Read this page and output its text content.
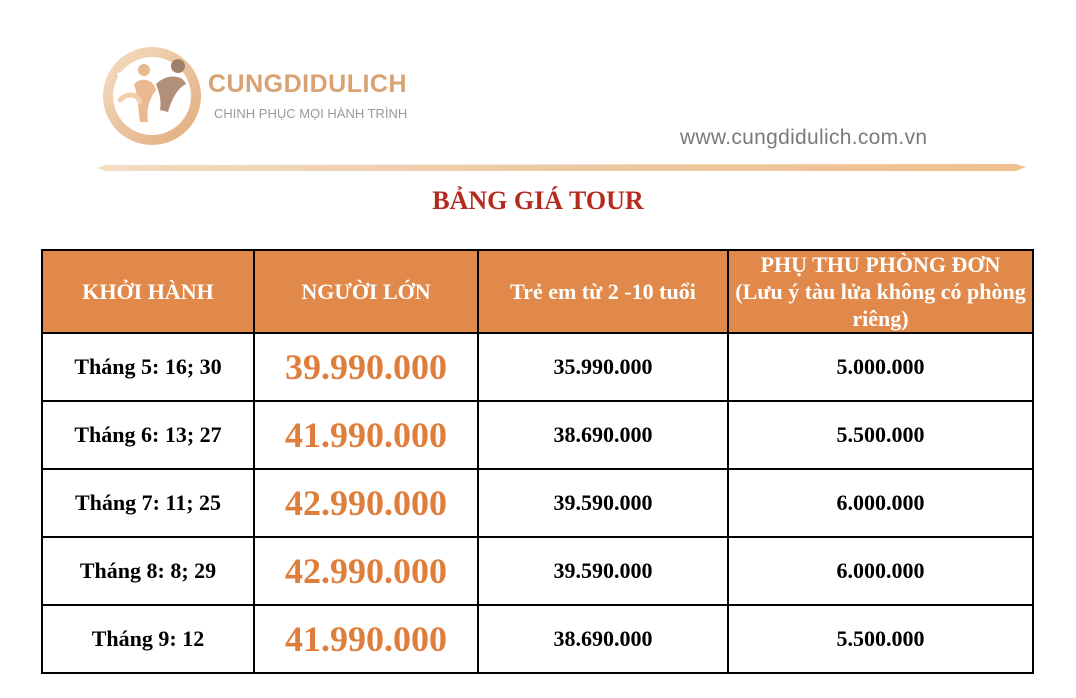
CUNGDIDULICH
CHINH PHỤC MỌI HÀNH TRÌNH
www.cungdidulich.com.vn
BẢNG GIÁ TOUR
KHỞI HÀNH	NGƯỜI LỚN	Trẻ em từ 2 -10 tuổi	PHỤ THU PHÒNG ĐƠN
(Lưu ý tàu lửa không có phòng riêng)

Tháng 5: 16; 30	39.990.000	35.990.000	5.000.000
Tháng 6: 13; 27	41.990.000	38.690.000	5.500.000
Tháng 7: 11; 25	42.990.000	39.590.000	6.000.000
Tháng 8: 8; 29	42.990.000	39.590.000	6.000.000
Tháng 9: 12	41.990.000	38.690.000	5.500.000
